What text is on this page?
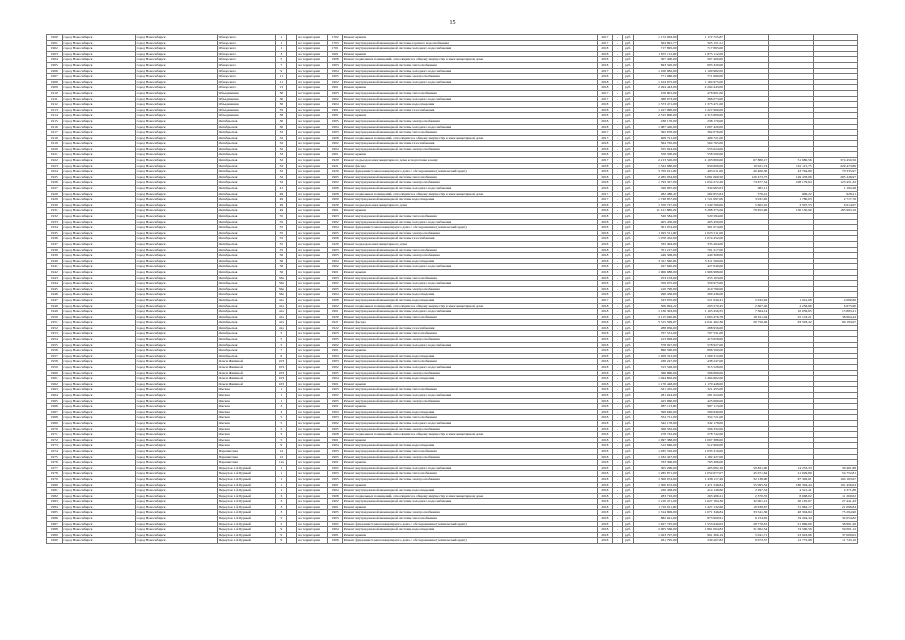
15
1900	город Новосибирск	город Новосибирск	Обнорского	1		на территории	1702	Ремонт крыши	2017	-	руб.	1 172 063,00	1 172 725,87			
1901	город Новосибирск	город Новосибирск	Обнорского	1		на территории	1703	Ремонт внутридомовой инженерной системы горячего водоснабжения	2017	-	руб.	504 891,77	505 151,51			
1902	город Новосибирск	город Новосибирск	Обнорского	1		на территории	1701	Ремонт внутридомовой инженерной системы холодного водоснабжения	2018	-	руб.	717 895,00	717 895,00			
1903	город Новосибирск	город Новосибирск	Обнорского	3		на территории	1901	Ремонт крыши	2018	-	руб.	1 875 112,00	1 875 112,00			
1904	город Новосибирск	город Новосибирск	Обнорского	5		на территории	1908	Ремонт подвальных помещений, относящихся к общему имуществу в многоквартирном доме	2018	-	руб.	507 400,00	507 400,00			
1905	город Новосибирск	город Новосибирск	Обнорского	7		на территории	1903	Ремонт внутридомовой инженерной системы теплоснабжения	2018	-	руб.	693 320,00	693 320,00			
1906	город Новосибирск	город Новосибирск	Обнорского	9		на территории	1904	Ремонт внутридомовой инженерной системы холодного водоснабжения	2017	-	руб.	1 100 982,00	1 100 982,00			
1907	город Новосибирск	город Новосибирск	Обнорского	11		на территории	1905	Ремонт внутридомовой инженерной системы электроснабжения	2018	-	руб.	771 080,00	771 080,00			
1908	город Новосибирск	город Новосибирск	Обнорского	11		на территории	1902	Ремонт внутридомовой инженерной системы холодного водоснабжения	2018	-	руб.	1 104 975,00	1 104 975,00			
1909	город Новосибирск	город Новосибирск	Обнорского	13		на территории	1901	Ремонт крыши	2018	-	руб.	2 294 443,00	2 294 443,00			
1910	город Новосибирск	город Новосибирск	Объединения	30		на территории	1903	Ремонт внутридомовой инженерной системы теплоснабжения	2017	-	руб.	476 801,00	476 801,00			
1911	город Новосибирск	город Новосибирск	Объединения	30		на территории	1902	Ремонт внутридомовой инженерной системы холодного водоснабжения	2017	-	руб.	368 073,00	368 073,00			
1912	город Новосибирск	город Новосибирск	Объединения	30		на территории	1904	Ремонт внутридомовой инженерной системы водоотведения	2018	-	руб.	1 373 471,00	1 373 471,00			
1913	город Новосибирск	город Новосибирск	Объединения	35		на территории	1901	Ремонт внутридомовой инженерной системы газоснабжения	2018	-	руб.	1 227 990,00	1 227 990,00			
1914	город Новосибирск	город Новосибирск	Объединения	38		на территории	1901	Ремонт крыши	2018	-	руб.	2 315 800,00	2 315 800,00			
1915	город Новосибирск	город Новосибирск	Октябрьская	30		на территории	1905	Ремонт внутридомовой инженерной системы электроснабжения	2018	-	руб.	238 170,00	238 170,00			
1916	город Новосибирск	город Новосибирск	Октябрьская	30		на территории	1904	Ремонт внутридомовой инженерной системы холодного водоснабжения	2018	-	руб.	1 087 420,00	1 087 420,00			
1917	город Новосибирск	город Новосибирск	Октябрьская	32		на территории	1903	Ремонт внутридомовой инженерной системы теплоснабжения	2017	-	руб.	392 076,00	392 076,00			
1918	город Новосибирск	город Новосибирск	Октябрьская	32		на территории	1908	Ремонт подвальных помещений, относящихся к общему имуществу в многоквартирном доме	2017	-	руб.	409 721,00	409 721,00			
1919	город Новосибирск	город Новосибирск	Октябрьская	32		на территории	1902	Ремонт внутридомовой инженерной системы газоснабжения	2018	-	руб.	564 765,00	564 765,00			
1920	город Новосибирск	город Новосибирск	Октябрьская	32		на территории	1904	Ремонт внутридомовой инженерной системы электроснабжения	2018	-	руб.	555 024,00	555 024,00			
1921	город Новосибирск	город Новосибирск	Октябрьская	32		на территории	1901	Ремонт крыши	2018	-	руб.	558 500,00	558 500,00			
1922	город Новосибирск	город Новосибирск	Октябрьская	32		на территории	1920	Ремонт подъездов многоквартирного дома и подготовка к нему	2017	-	руб.	2 213 520,00	2 103 800,00	67 880,17	51 680,56	374 450,56
1923	город Новосибирск	город Новосибирск	Октябрьская	32		на территории	1921	Ремонт фасада	2018	-	руб.	1 522 080,00	950 600,00	10 921,74	161 115,75	229 473,86
1924	город Новосибирск	город Новосибирск	Октябрьская	32		на территории	1920	Ремонт фундамента многоквартирного дома с обследованием (технический аудит)	2018	-	руб.	5 705 011,00	495 011,00	40 406,30	43 764,89	70 335,97
1925	город Новосибирск	город Новосибирск	Октябрьская	32		на территории	1905	Ремонт внутридомовой инженерной системы теплоснабжения	2018	-	руб.	2 285 034,60	3 081 060,50	120 473,75	129 478,06	285 448,97
1926	город Новосибирск	город Новосибирск	Октябрьская	32		на территории	1902	Ремонт внутридомовой инженерной системы электроснабжения	2018	-	руб.	1 795 327,00	1 054 272,26	74 677,54	108 179,64	123 451,32
1927	город Новосибирск	город Новосибирск	Октябрьская	41		на территории	1908	Ремонт внутридомовой инженерной системы холодного водоснабжения	2018	-	руб.	326 067,00	334 965,03	967,11		1 192,28
1928	город Новосибирск	город Новосибирск	Октябрьская	49		на территории	1908	Ремонт подвальных помещений, относящихся к общему имуществу в многоквартирном доме	2017	-	руб.	282 486,47	282 855,63	370,41	806,22	928,21
1929	город Новосибирск	город Новосибирск	Октябрьская	49		на территории	1909	Ремонт внутридомовой инженерной системы водоотведения	2017	-	руб.	1 728 857,00	1 721 097,00	3 031,65	1 780,03	2 717,76
1930	город Новосибирск	город Новосибирск	Октябрьская	49		на территории	1920	Ремонт подъездов многоквартирного дома	2018	-	руб.	1 550 727,00	1 540 760,00	5 602,45	3 597,53	6 614,97
1931	город Новосибирск	город Новосибирск	Октябрьская	49		на территории	1901	Ремонт крыши	2018	-	руб.	11 121 886,29	3 288 375,06	79 655,96	150 150,90	185 993,19
1932	город Новосибирск	город Новосибирск	Октябрьская	55		на территории	1903	Ремонт внутридомовой инженерной системы теплоснабжения	2018	-	руб.	520 584,00	520 584,00			
1933	город Новосибирск	город Новосибирск	Октябрьская	55		на территории	1902	Ремонт внутридомовой инженерной системы холодного водоснабжения	2018	-	руб.	405 450,00	405 450,00			
1934	город Новосибирск	город Новосибирск	Октябрьская	55		на территории	1904	Ремонт фундамента многоквартирного дома с обследованием (технический аудит)	2018	-	руб.	301 074,00	301 074,00			
1935	город Новосибирск	город Новосибирск	Октябрьская	55		на территории	1905	Ремонт внутридомовой инженерной системы электроснабжения	2018	-	руб.	1 025 511,00	1 025 511,00			
1936	город Новосибирск	город Новосибирск	Октябрьская	55		на территории	1906	Ремонт внутридомовой инженерной системы газоснабжения	2018	-	руб.	1 070 452,00	1 074 452,00			
1937	город Новосибирск	город Новосибирск	Октябрьская	55		на территории	1920	Ремонт подъездов многоквартирного дома	2018	-	руб.	335 494,00	335 494,00			
1938	город Новосибирск	город Новосибирск	Октябрьская	55		на территории	1903	Ремонт внутридомовой инженерной системы теплоснабжения	2018	-	руб.	701 217,00	701 217,00			
1939	город Новосибирск	город Новосибирск	Октябрьская	56		на территории	1905	Ремонт внутридомовой инженерной системы электроснабжения	2018	-	руб.	440 308,00	440 308,00			
1940	город Новосибирск	город Новосибирск	Октябрьская	56		на территории	1904	Ремонт внутридомовой инженерной системы водоотведения	2018	-	руб.	3 311 560,00	3 311 560,00			
1941	город Новосибирск	город Новосибирск	Октябрьская	56		на территории	1902	Ремонт внутридомовой инженерной системы холодного водоснабжения	2018	-	руб.	427 640,00	427 640,00			
1942	город Новосибирск	город Новосибирск	Октябрьская	56		на территории	1901	Ремонт крыши	2018	-	руб.	1 906 988,00	1 906 988,00			
1943	город Новосибирск	город Новосибирск	Октябрьская	56а		на территории	1903	Ремонт внутридомовой инженерной системы теплоснабжения	2018	-	руб.	253 103,00	253 103,00			
1944	город Новосибирск	город Новосибирск	Октябрьская	56а		на территории	1902	Ремонт внутридомовой инженерной системы холодного водоснабжения	2018	-	руб.	359 975,00	359 975,00			
1945	город Новосибирск	город Новосибирск	Октябрьская	56а		на территории	1905	Ремонт внутридомовой инженерной системы электроснабжения	2018	-	руб.	410 790,00	410 790,00			
1946	город Новосибирск	город Новосибирск	Октябрьская	56а		на территории	1904	Ремонт внутридомовой инженерной системы водоотведения	2018	-	руб.	290 436,00	290 436,00			
1947	город Новосибирск	город Новосибирск	Октябрьская	41а		на территории	1908	Ремонт внутридомовой инженерной системы водоотведения	2017	-	руб.	523 055,00	521 049,41	2 032,94	1 041,08	4 080,86
1948	город Новосибирск	город Новосибирск	Октябрьская	41а		на территории	1902	Ремонт подвальных помещений, относящихся к общему имуществу в многоквартирном доме	2018	-	руб.	506 994,22	293 570,45	2 667,46	4 256,66	6 675,90
1949	город Новосибирск	город Новосибирск	Октябрьская	41а		на территории	1901	Ремонт внутридомовой инженерной системы холодного водоснабжения	2018	-	руб.	1 136 303,00	1 103 456,55	7 364,14	10 059,85	15 883,21
1950	город Новосибирск	город Новосибирск	Октябрьская	41а		на территории	1920	Ремонт внутридомовой инженерной системы теплоснабжения	2018	-	руб.	2 115 040,00	1 063 476,78	18 611,04	25 143,21	38 664,44
1951	город Новосибирск	город Новосибирск	Октябрьская	41а		на территории	1921	Ремонт фасада	2018	-	руб.	5 315 599,07	2 041 462,36	20 756,46	63 593,42	69 193,07
1952	город Новосибирск	город Новосибирск	Октябрьская	41а		на территории	1922	Ремонт внутридомовой инженерной системы газоснабжения	2018	-	руб.	288 956,00	288 956,00			
1953	город Новосибирск	город Новосибирск	Октябрьская	5		на территории	1903	Ремонт внутридомовой инженерной системы теплоснабжения	2018	-	руб.	707 531,00	707 531,00			
1954	город Новосибирск	город Новосибирск	Октябрьская	5		на территории	1905	Ремонт внутридомовой инженерной системы электроснабжения	2018	-	руб.	413 828,00	413 828,00			
1955	город Новосибирск	город Новосибирск	Октябрьская	5		на территории	1902	Ремонт внутридомовой инженерной системы холодного водоснабжения	2018	-	руб.	578 927,00	578 927,00			
1956	город Новосибирск	город Новосибирск	Октябрьская	7		на территории	1901	Ремонт крыши	2018	-	руб.	896 590,00	896 590,00			
1957	город Новосибирск	город Новосибирск	Октябрьская	9		на территории	1904	Ремонт внутридомовой инженерной системы водоотведения	2018	-	руб.	1 209 312,00	1 209 312,00			
1958	город Новосибирск	город Новосибирск	Ольги Жилиной	103		на территории	1903	Ремонт внутридомовой инженерной системы теплоснабжения	2018	-	руб.	438 247,00	438 247,00			
1959	город Новосибирск	город Новосибирск	Ольги Жилиной	103		на территории	1902	Ремонт внутридомовой инженерной системы холодного водоснабжения	2018	-	руб.	315 528,00	315 528,00			
1960	город Новосибирск	город Новосибирск	Ольги Жилиной	103		на территории	1905	Ремонт внутридомовой инженерной системы электроснабжения	2018	-	руб.	566 890,00	566 890,00			
1961	город Новосибирск	город Новосибирск	Ольги Жилиной	103		на территории	1904	Ремонт внутридомовой инженерной системы водоотведения	2018	-	руб.	1 494 802,00	1 494 802,00			
1962	город Новосибирск	город Новосибирск	Ольги Жилиной	103		на территории	1901	Ремонт крыши	2018	-	руб.	1 170 448,00	1 170 448,00			
1963	город Новосибирск	город Новосибирск	Омская	1		на территории	1903	Ремонт внутридомовой инженерной системы теплоснабжения	2018	-	руб.	321 455,00	321 455,00			
1964	город Новосибирск	город Новосибирск	Омская	1		на территории	1902	Ремонт внутридомовой инженерной системы холодного водоснабжения	2018	-	руб.	281 024,00	281 024,00			
1965	город Новосибирск	город Новосибирск	Омская	1		на территории	1905	Ремонт внутридомовой инженерной системы электроснабжения	2018	-	руб.	425 060,00	425 060,00			
1966	город Новосибирск	город Новосибирск	Омская	3		на территории	1901	Ремонт крыши	2018	-	руб.	987 113,00	987 113,00			
1967	город Новосибирск	город Новосибирск	Омская	3		на территории	1904	Ремонт внутридомовой инженерной системы водоотведения	2018	-	руб.	599 640,00	599 640,00			
1968	город Новосибирск	город Новосибирск	Омская	5		на территории	1903	Ремонт внутридомовой инженерной системы теплоснабжения	2018	-	руб.	354 721,00	354 721,00			
1969	город Новосибирск	город Новосибирск	Омская	5		на территории	1902	Ремонт внутридомовой инженерной системы холодного водоснабжения	2018	-	руб.	342 178,00	342 178,00			
1970	город Новосибирск	город Новосибирск	Омская	5		на территории	1905	Ремонт внутридомовой инженерной системы электроснабжения	2018	-	руб.	506 332,00	506 332,00			
1971	город Новосибирск	город Новосибирск	Омская	5		на территории	1908	Ремонт подвальных помещений, относящихся к общему имуществу в многоквартирном доме	2018	-	руб.	278 742,00	278 742,00			
1972	город Новосибирск	город Новосибирск	Омская	5		на территории	1901	Ремонт крыши	2018	-	руб.	1 097 388,00	1 097 388,00			
1973	город Новосибирск	город Новосибирск	Омская	9		на территории	1904	Ремонт внутридомовой инженерной системы водоотведения	2018	-	руб.	512 960,00	512 960,00			
1974	город Новосибирск	город Новосибирск	Парашютная	12		на территории	1903	Ремонт внутридомовой инженерной системы теплоснабжения	2018	-	руб.	1 035 316,00	1 035 316,00			
1975	город Новосибирск	город Новосибирск	Парашютная	12		на территории	1905	Ремонт внутридомовой инженерной системы электроснабжения	2018	-	руб.	1 182 427,00	1 182 427,00			
1976	город Новосибирск	город Новосибирск	Парашютная	12а		на территории	1901	Ремонт крыши	2018	-	руб.	763 306,00	763 306,00			
1977	город Новосибирск	город Новосибирск	Переулок 1-й Бурный	1		на территории	1902	Ремонт внутридомовой инженерной системы холодного водоснабжения	2018	-	руб.	505 290,00	405 082,16	59 821,00	14 253,33	30 461,88
1978	город Новосибирск	город Новосибирск	Переулок 1-й Бурный	1		на территории	1903	Ремонт внутридомовой инженерной системы теплоснабжения	2018	-	руб.	1 285 871,00	1 054 677,07	45 071,64	21 029,80	54 752,81
1979	город Новосибирск	город Новосибирск	Переулок 1-й Бурный	1		на территории	1905	Ремонт внутридомовой инженерной системы электроснабжения	2018	-	руб.	1 500 074,00	1 438 117,49	32 138,90	97 302,61	104 163,67
1980	город Новосибирск	город Новосибирск	Переулок 1-й Бурный	1		на территории	1901	Ремонт крыши	2018	-	руб.	1 500 672,00	1 471 546,84	55 095,54	186 304,44	191 456,04
1981	город Новосибирск	город Новосибирск	Переулок 1-й Бурный	1		на территории	1904	Ремонт внутридомовой инженерной системы водоотведения	2018	-	руб.	430 458,00	414 148,60	2 297,54	4 521,41	4 371,88
1982	город Новосибирск	город Новосибирск	Переулок 1-й Бурный	3		на территории	1908	Ремонт подвальных помещений, относящихся к общему имуществу в многоквартирном доме	2018	-	руб.	283 716,00	263 480,21	2 370,35	8 668,02	11 260,02
1983	город Новосибирск	город Новосибирск	Переулок 1-й Бурный	3		на территории	1902	Ремонт внутридомовой инженерной системы холодного водоснабжения	2018	-	руб.	1 210 471,00	1 027 184,36	32 001,12	20 165,67	27 441,43
1984	город Новосибирск	город Новосибирск	Переулок 1-й Бурный	3		на территории	1901	Ремонт крыши	2018	-	руб.	1 710 611,00	1 427 132,66	10 939,67	31 962,17	21 096,84
1985	город Новосибирск	город Новосибирск	Переулок 1-й Бурный	3		на территории	1905	Ремонт внутридомовой инженерной системы электроснабжения	2018	-	руб.	1 314 806,00	1 071 346,84	33 541,36	48 304,84	75 294,90
1986	город Новосибирск	город Новосибирск	Переулок 1-й Бурный	5		на территории	1903	Ремонт внутридомовой инженерной системы теплоснабжения	2018	-	руб.	882 041,00	873 900,91	6 154,65	19 204,34	32 054,82
1987	город Новосибирск	город Новосибирск	Переулок 1-й Бурный	5		на территории	1902	Ремонт фундамента многоквартирного дома с обследованием (технический аудит)	2018	-	руб.	1 627 745,00	1 553 940,02	28 776,81	21 860,60	38 891,26
1988	город Новосибирск	город Новосибирск	Переулок 1-й Бурный	9		на территории	1904	Ремонт внутридомовой инженерной системы водоотведения	2018	-	руб.	2 005 566,00	1 861 004,83	31 062,54	74 590,56	59 001,12
1989	город Новосибирск	город Новосибирск	Переулок 1-й Бурный	9		на территории	1901	Ремонт крыши	2018	-	руб.	1 023 797,00	991 306,19	5 041,71	23 916,96	37 009,02
1990	город Новосибирск	город Новосибирск	Переулок 1-й Бурный	9		на территории	1906	Ремонт фундамента многоквартирного дома с обследованием (технический аудит)	2018	-	руб.	261 795,00	230 267,82	9 973,57	12 775,98	11 743,16
